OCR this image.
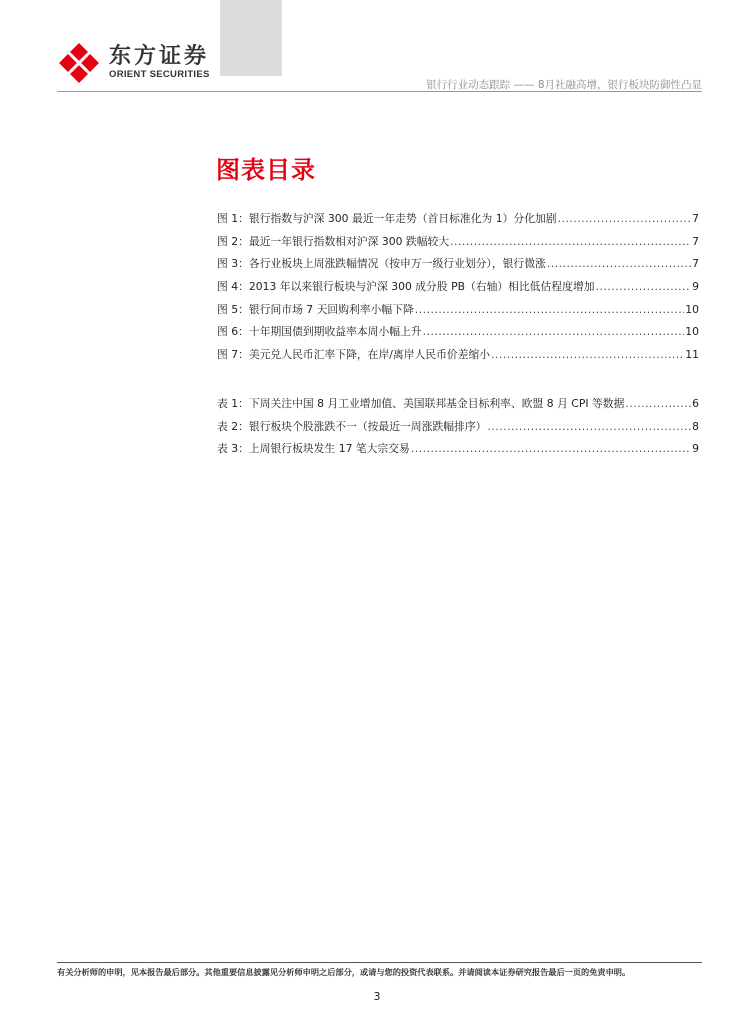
东方证券
ORIENT SECURITIES
银行行业动态跟踪 —— 8月社融高增，银行板块防御性凸显
图表目录
图 1：银行指数与沪深 300 最近一年走势（首日标准化为 1）分化加剧 .....	7
图 2：最近一年银行指数相对沪深 300 跌幅较大 .....	7
图 3：各行业板块上周涨跌幅情况（按申万一级行业划分），银行微涨 .....	7
图 4：2013 年以来银行板块与沪深 300 成分股 PB（右轴）相比低估程度增加 .....	9
图 5：银行间市场 7 天回购利率小幅下降 .....	10
图 6：十年期国债到期收益率本周小幅上升 .....	10
图 7：美元兑人民币汇率下降，在岸/离岸人民币价差缩小 .....	11
表 1：下周关注中国 8 月工业增加值、美国联邦基金目标利率、欧盟 8 月 CPI 等数据 .....	6
表 2：银行板块个股涨跌不一（按最近一周涨跌幅排序） .....	8
表 3：上周银行板块发生 17 笔大宗交易 .....	9
有关分析师的申明，见本报告最后部分。其他重要信息披露见分析师申明之后部分，或请与您的投资代表联系。并请阅读本证券研究报告最后一页的免责申明。
3
